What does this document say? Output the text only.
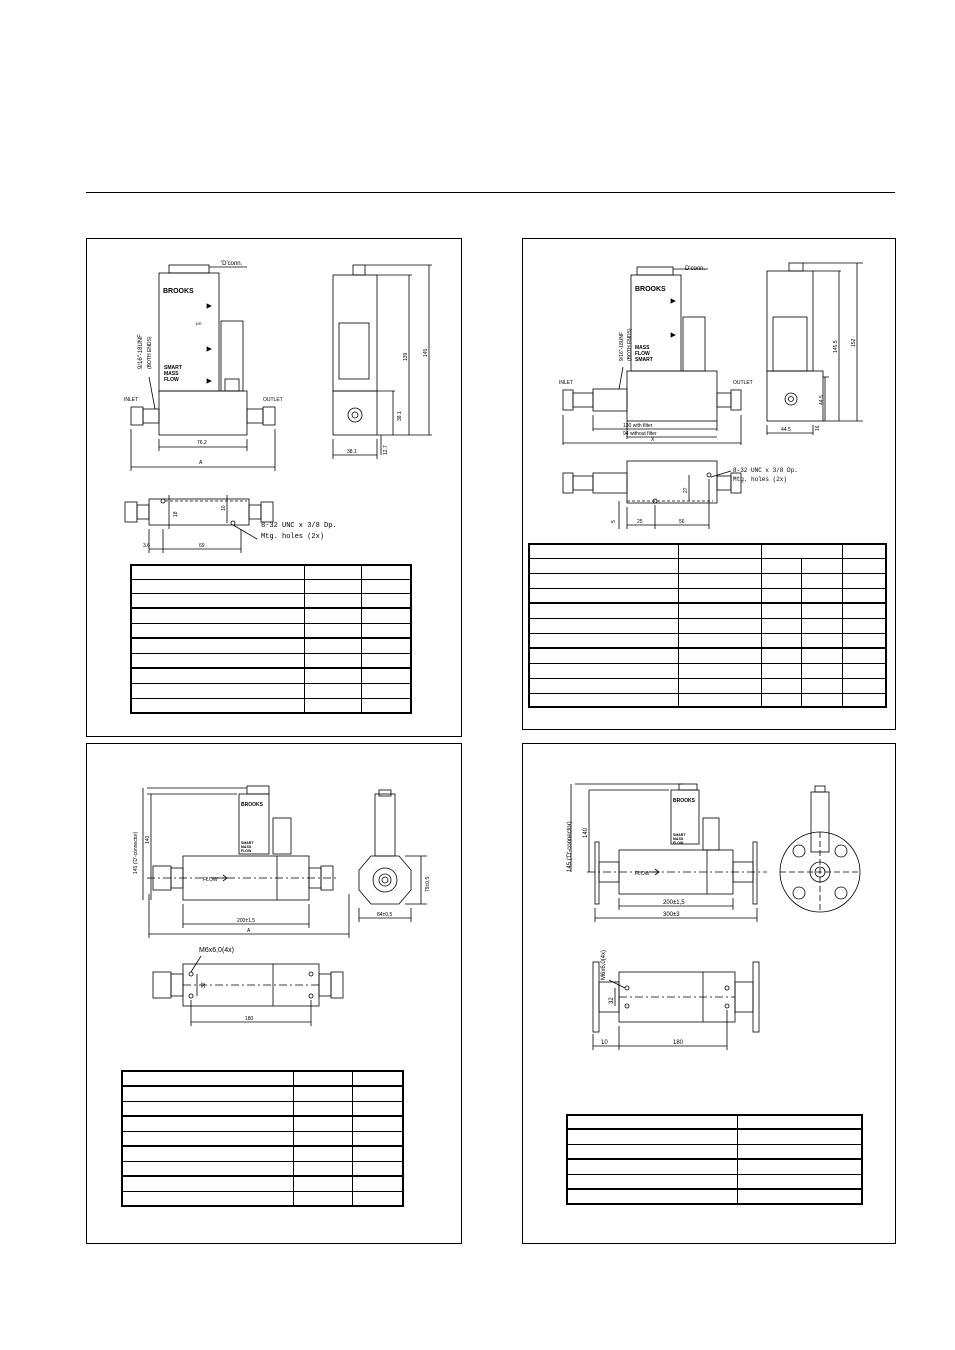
'D'conn.
BROOKS
SMART
MASS
FLOW
1/8"
INLET	OUTLET
9/16"-18UNF (BOTH ENDS)
76.2
A
139	145
38.1
12.7
38.1
18
10
8-32 UNC x 3/8 Dp.
Mtg. holes (2x)
3.6	69

D'conn.
BROOKS
MASS
FLOW
SMART
INLET	OUTLET
9/16"-18UNF (BOTH ENDS)
130 with filter
94 without filter
X
145.5 152
44.5
16
44.5
8-32 UNC x 3/8 Dp.
Mtg. holes (2x)
27
5	25	56

BROOKS
SMART
MASS
FLOW
FLOW
145 ('D'-connector) 140
200±1,5
A
79±0,5
84±0,5
M6x6,0(4x)
32
180

BROOKS
SMART
MASS
FLOW
FLOW
145 ('D'-connector) 140
200±1,5
300±3
M6x6,0(4x)
32
10	180
